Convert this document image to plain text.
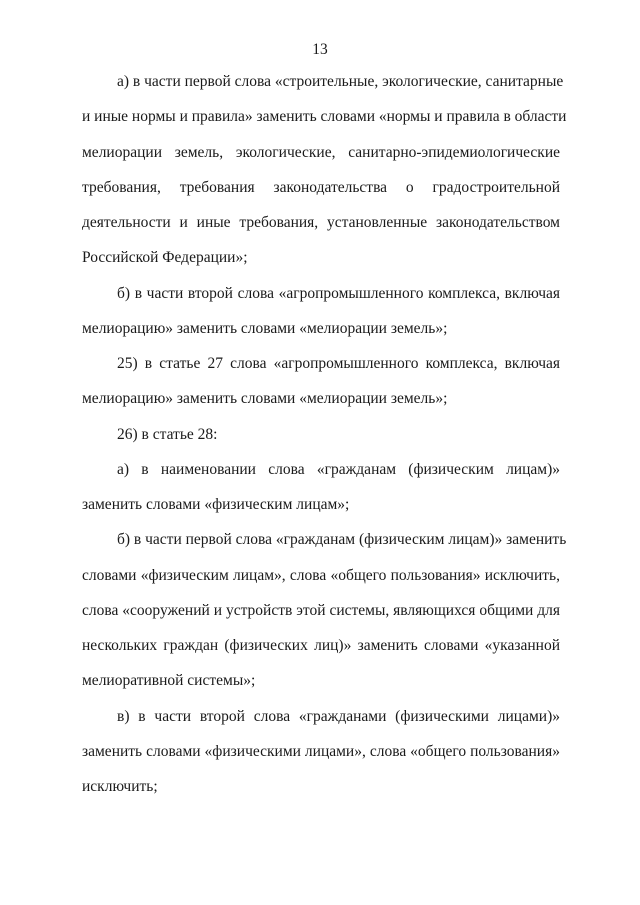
13
а) в части первой слова «строительные, экологические, санитарные
и иные нормы и правила» заменить словами «нормы и правила в области
мелиорации земель, экологические, санитарно-эпидемиологические
требования, требования законодательства о градостроительной
деятельности и иные требования, установленные законодательством
Российской Федерации»;
б) в части второй слова «агропромышленного комплекса, включая
мелиорацию» заменить словами «мелиорации земель»;
25) в статье 27 слова «агропромышленного комплекса, включая
мелиорацию» заменить словами «мелиорации земель»;
26) в статье 28:
а) в наименовании слова «гражданам (физическим лицам)»
заменить словами «физическим лицам»;
б) в части первой слова «гражданам (физическим лицам)» заменить
словами «физическим лицам», слова «общего пользования» исключить,
слова «сооружений и устройств этой системы, являющихся общими для
нескольких граждан (физических лиц)» заменить словами «указанной
мелиоративной системы»;
в) в части второй слова «гражданами (физическими лицами)»
заменить словами «физическими лицами», слова «общего пользования»
исключить;
